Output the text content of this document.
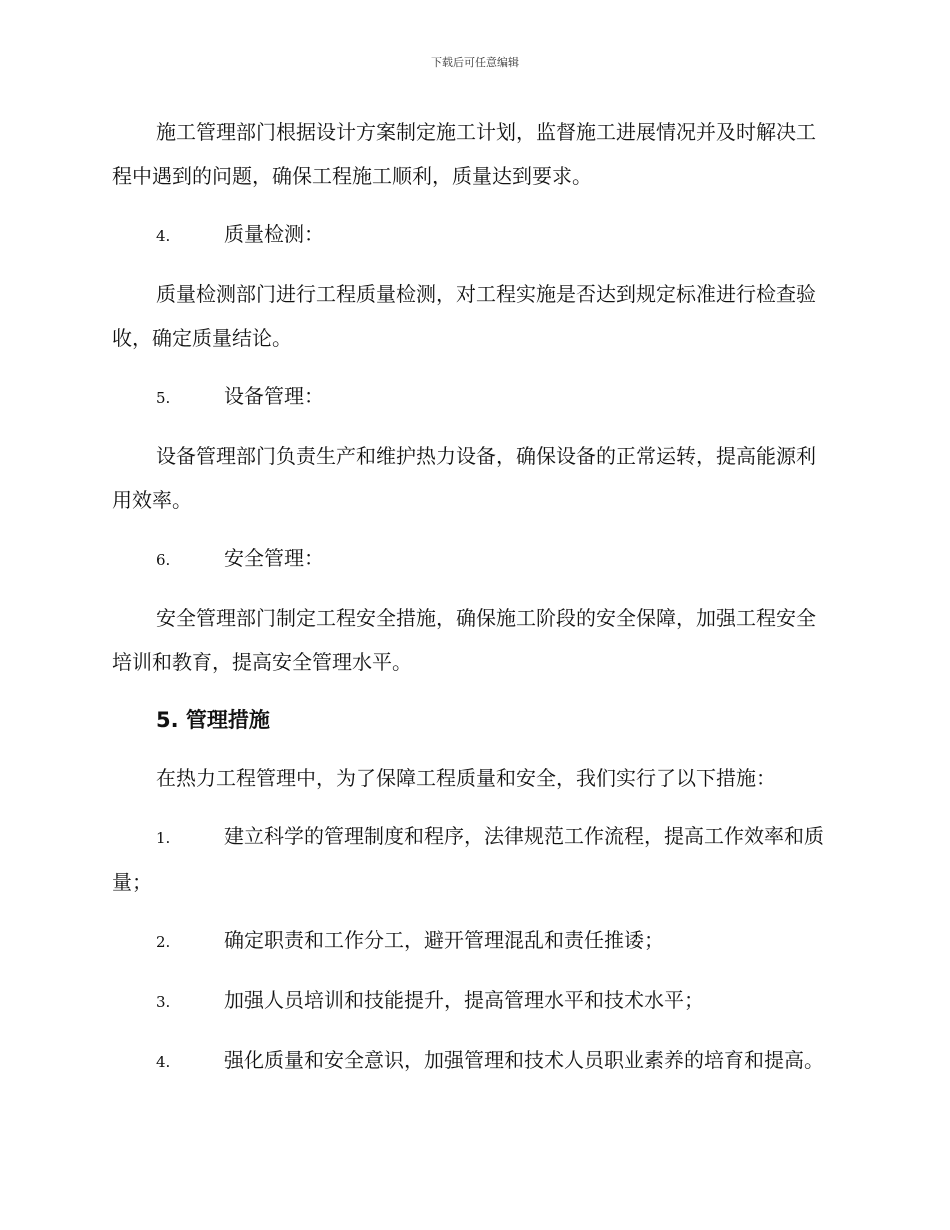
下载后可任意编辑

施工管理部门根据设计方案制定施工计划，监督施工进展情况并及时解决工程中遇到的问题，确保工程施工顺利，质量达到要求。

4.	质量检测：

质量检测部门进行工程质量检测，对工程实施是否达到规定标准进行检查验收，确定质量结论。

5.	设备管理：

设备管理部门负责生产和维护热力设备，确保设备的正常运转，提高能源利用效率。

6.	安全管理：

安全管理部门制定工程安全措施，确保施工阶段的安全保障，加强工程安全培训和教育，提高安全管理水平。

5. 管理措施

在热力工程管理中，为了保障工程质量和安全，我们实行了以下措施：

1.	建立科学的管理制度和程序，法律规范工作流程，提高工作效率和质量；
2.	确定职责和工作分工，避开管理混乱和责任推诿；
3.	加强人员培训和技能提升，提高管理水平和技术水平；
4.	强化质量和安全意识，加强管理和技术人员职业素养的培育和提高。
